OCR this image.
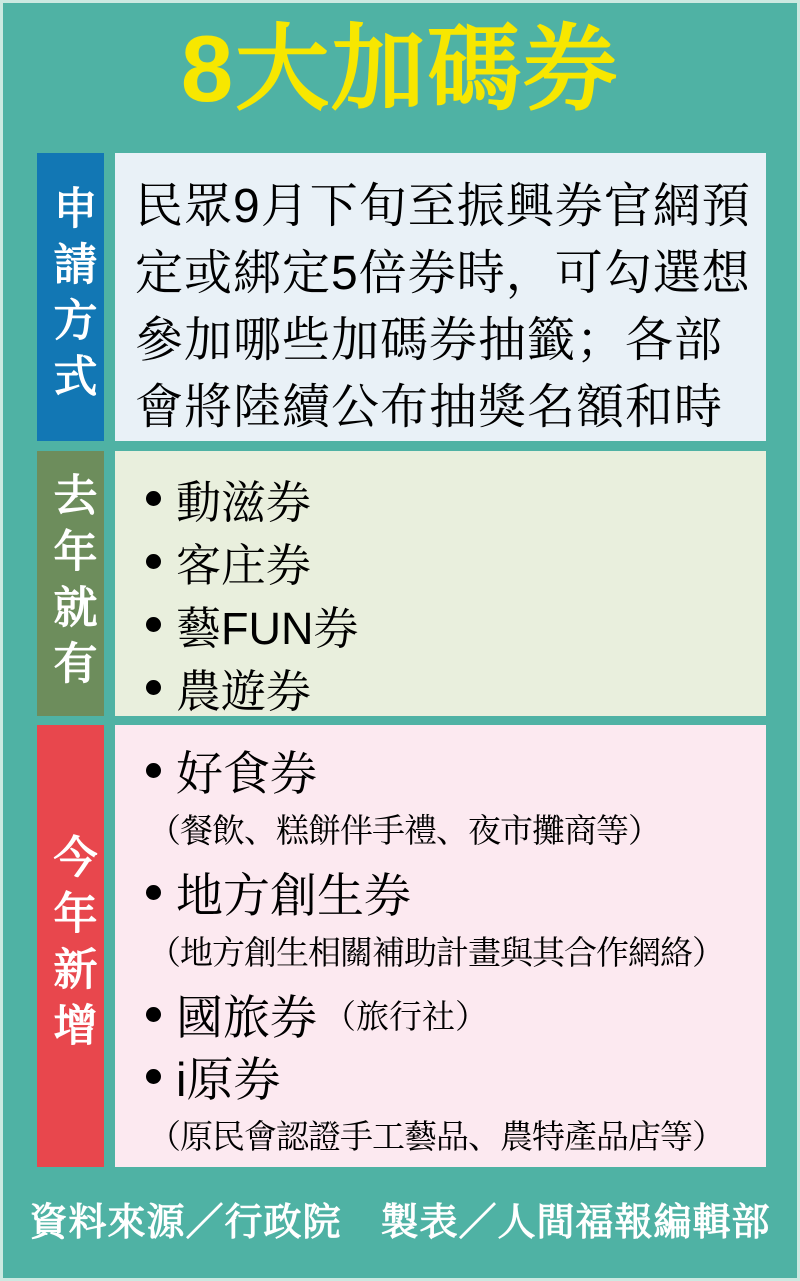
8大加碼券
申請方式 民眾9月下旬至振興券官網預定或綁定5倍券時，可勾選想參加哪些加碼券抽籤；各部會將陸續公布抽獎名額和時
去年就有 動滋券
客庄券
藝FUN券
農遊券
今年新增
好食券
（餐飲、糕餅伴手禮、夜市攤商等）
地方創生券
（地方創生相關補助計畫與其合作網絡）
國旅券 （旅行社）
i原券
（原民會認證手工藝品、農特產品店等）
資料來源／行政院　製表／人間福報編輯部
